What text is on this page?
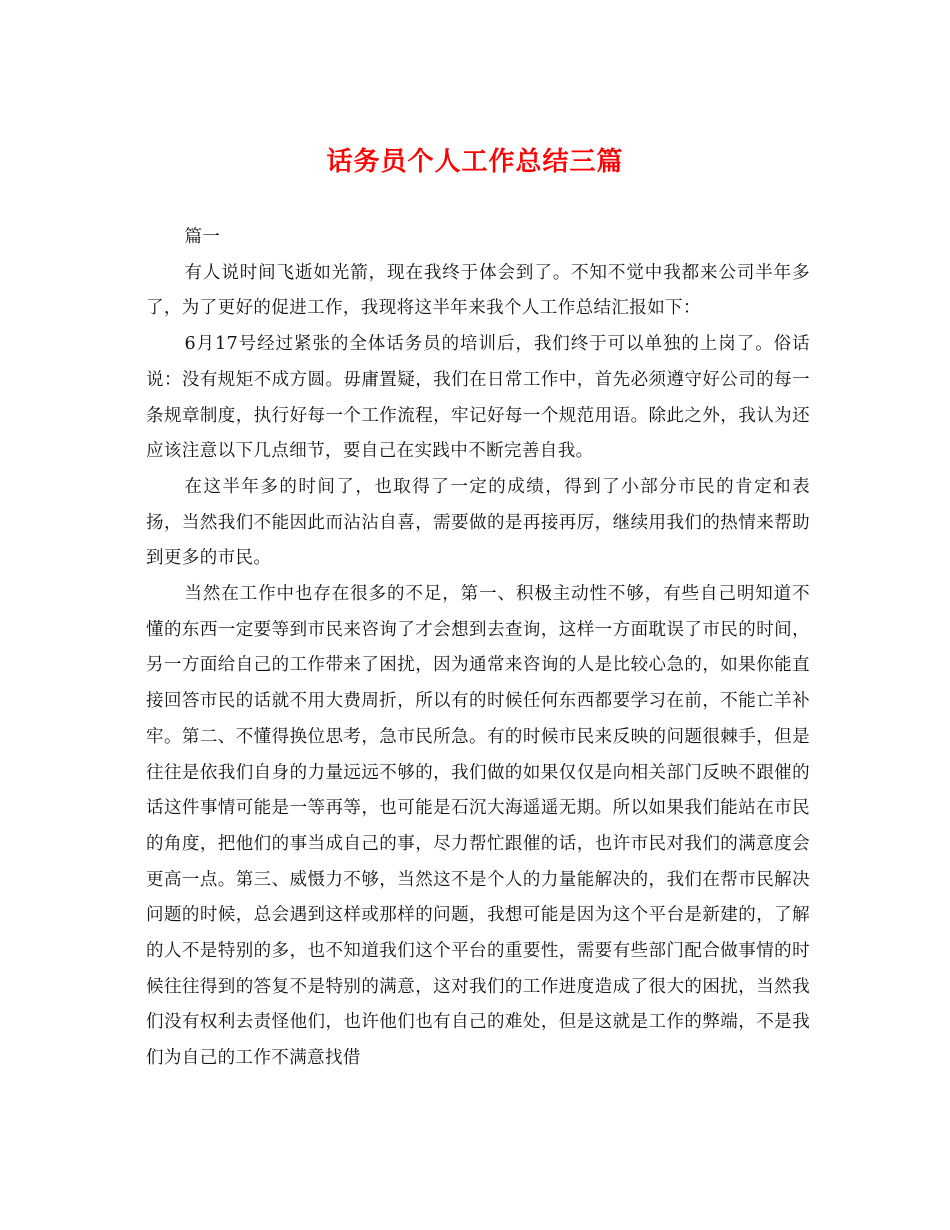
话务员个人工作总结三篇

篇一

有人说时间飞逝如光箭，现在我终于体会到了。不知不觉中我都来公司半年多了，为了更好的促进工作，我现将这半年来我个人工作总结汇报如下：

6月17号经过紧张的全体话务员的培训后，我们终于可以单独的上岗了。俗话说：没有规矩不成方圆。毋庸置疑，我们在日常工作中，首先必须遵守好公司的每一条规章制度，执行好每一个工作流程，牢记好每一个规范用语。除此之外，我认为还应该注意以下几点细节，要自己在实践中不断完善自我。

在这半年多的时间了，也取得了一定的成绩，得到了小部分市民的肯定和表扬，当然我们不能因此而沾沾自喜，需要做的是再接再厉，继续用我们的热情来帮助到更多的市民。

当然在工作中也存在很多的不足，第一、积极主动性不够，有些自己明知道不懂的东西一定要等到市民来咨询了才会想到去查询，这样一方面耽误了市民的时间，另一方面给自己的工作带来了困扰，因为通常来咨询的人是比较心急的，如果你能直接回答市民的话就不用大费周折，所以有的时候任何东西都要学习在前，不能亡羊补牢。第二、不懂得换位思考，急市民所急。有的时候市民来反映的问题很棘手，但是往往是依我们自身的力量远远不够的，我们做的如果仅仅是向相关部门反映不跟催的话这件事情可能是一等再等，也可能是石沉大海遥遥无期。所以如果我们能站在市民的角度，把他们的事当成自己的事，尽力帮忙跟催的话，也许市民对我们的满意度会更高一点。第三、威慑力不够，当然这不是个人的力量能解决的，我们在帮市民解决问题的时候，总会遇到这样或那样的问题，我想可能是因为这个平台是新建的，了解的人不是特别的多，也不知道我们这个平台的重要性，需要有些部门配合做事情的时候往往得到的答复不是特别的满意，这对我们的工作进度造成了很大的困扰，当然我们没有权利去责怪他们，也许他们也有自己的难处，但是这就是工作的弊端，不是我们为自己的工作不满意找借
